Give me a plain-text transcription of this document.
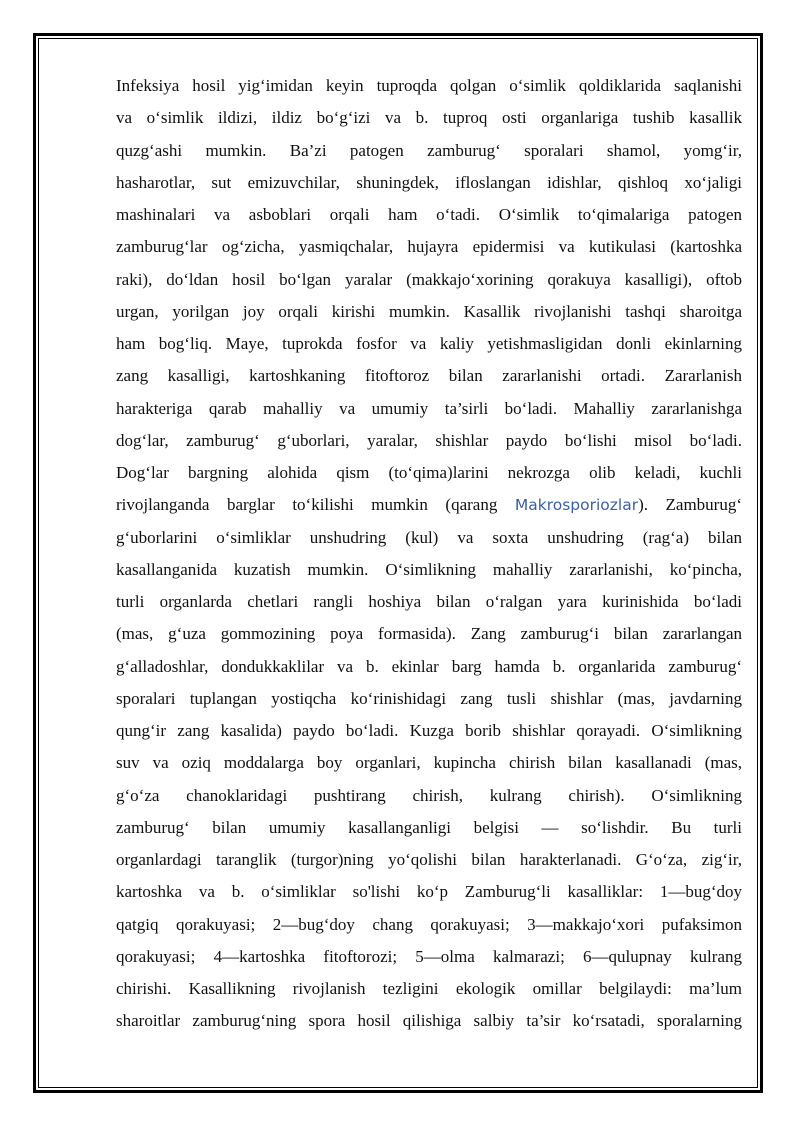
Infeksiya hosil yig‘imidan keyin tuproqda qolgan o‘simlik qoldiklarida saqlanishi
va o‘simlik ildizi, ildiz bo‘g‘izi va b. tuproq osti organlariga tushib kasallik
quzg‘ashi mumkin. Ba’zi patogen zamburug‘ sporalari shamol, yomg‘ir,
hasharotlar, sut emizuvchilar, shuningdek, ifloslangan idishlar, qishloq xo‘jaligi
mashinalari va asboblari orqali ham o‘tadi. O‘simlik to‘qimalariga patogen
zamburug‘lar og‘zicha, yasmiqchalar, hujayra epidermisi va kutikulasi (kartoshka
raki), do‘ldan hosil bo‘lgan yaralar (makkajo‘xorining qorakuya kasalligi), oftob
urgan, yorilgan joy orqali kirishi mumkin. Kasallik rivojlanishi tashqi sharoitga
ham bog‘liq. Maye, tuprokda fosfor va kaliy yetishmasligidan donli ekinlarning
zang kasalligi, kartoshkaning fitoftoroz bilan zararlanishi ortadi. Zararlanish
harakteriga qarab mahalliy va umumiy ta’sirli bo‘ladi. Mahalliy zararlanishga
dog‘lar, zamburug‘ g‘uborlari, yaralar, shishlar paydo bo‘lishi misol bo‘ladi.
Dog‘lar bargning alohida qism (to‘qima)larini nekrozga olib keladi, kuchli
rivojlanganda barglar to‘kilishi mumkin (qarang Makrosporiozlar). Zamburug‘
g‘uborlarini o‘simliklar unshudring (kul) va soxta unshudring (rag‘a) bilan
kasallanganida kuzatish mumkin. O‘simlikning mahalliy zararlanishi, ko‘pincha,
turli organlarda chetlari rangli hoshiya bilan o‘ralgan yara kurinishida bo‘ladi
(mas, g‘uza gommozining poya formasida). Zang zamburug‘i bilan zararlangan
g‘alladoshlar, dondukkaklilar va b. ekinlar barg hamda b. organlarida zamburug‘
sporalari tuplangan yostiqcha ko‘rinishidagi zang tusli shishlar (mas, javdarning
qung‘ir zang kasalida) paydo bo‘ladi. Kuzga borib shishlar qorayadi. O‘simlikning
suv va oziq moddalarga boy organlari, kupincha chirish bilan kasallanadi (mas,
g‘o‘za chanoklaridagi pushtirang chirish, kulrang chirish). O‘simlikning
zamburug‘ bilan umumiy kasallanganligi belgisi — so‘lishdir. Bu turli
organlardagi taranglik (turgor)ning yo‘qolishi bilan harakterlanadi. G‘o‘za, zig‘ir,
kartoshka va b. o‘simliklar so'lishi ko‘p Zamburug‘li kasalliklar: 1—bug‘doy
qatgiq qorakuyasi; 2—bug‘doy chang qorakuyasi; 3—makkajo‘xori pufaksimon
qorakuyasi; 4—kartoshka fitoftorozi; 5—olma kalmarazi; 6—qulupnay kulrang
chirishi. Kasallikning rivojlanish tezligini ekologik omillar belgilaydi: ma’lum
sharoitlar zamburug‘ning spora hosil qilishiga salbiy ta’sir ko‘rsatadi, sporalarning
